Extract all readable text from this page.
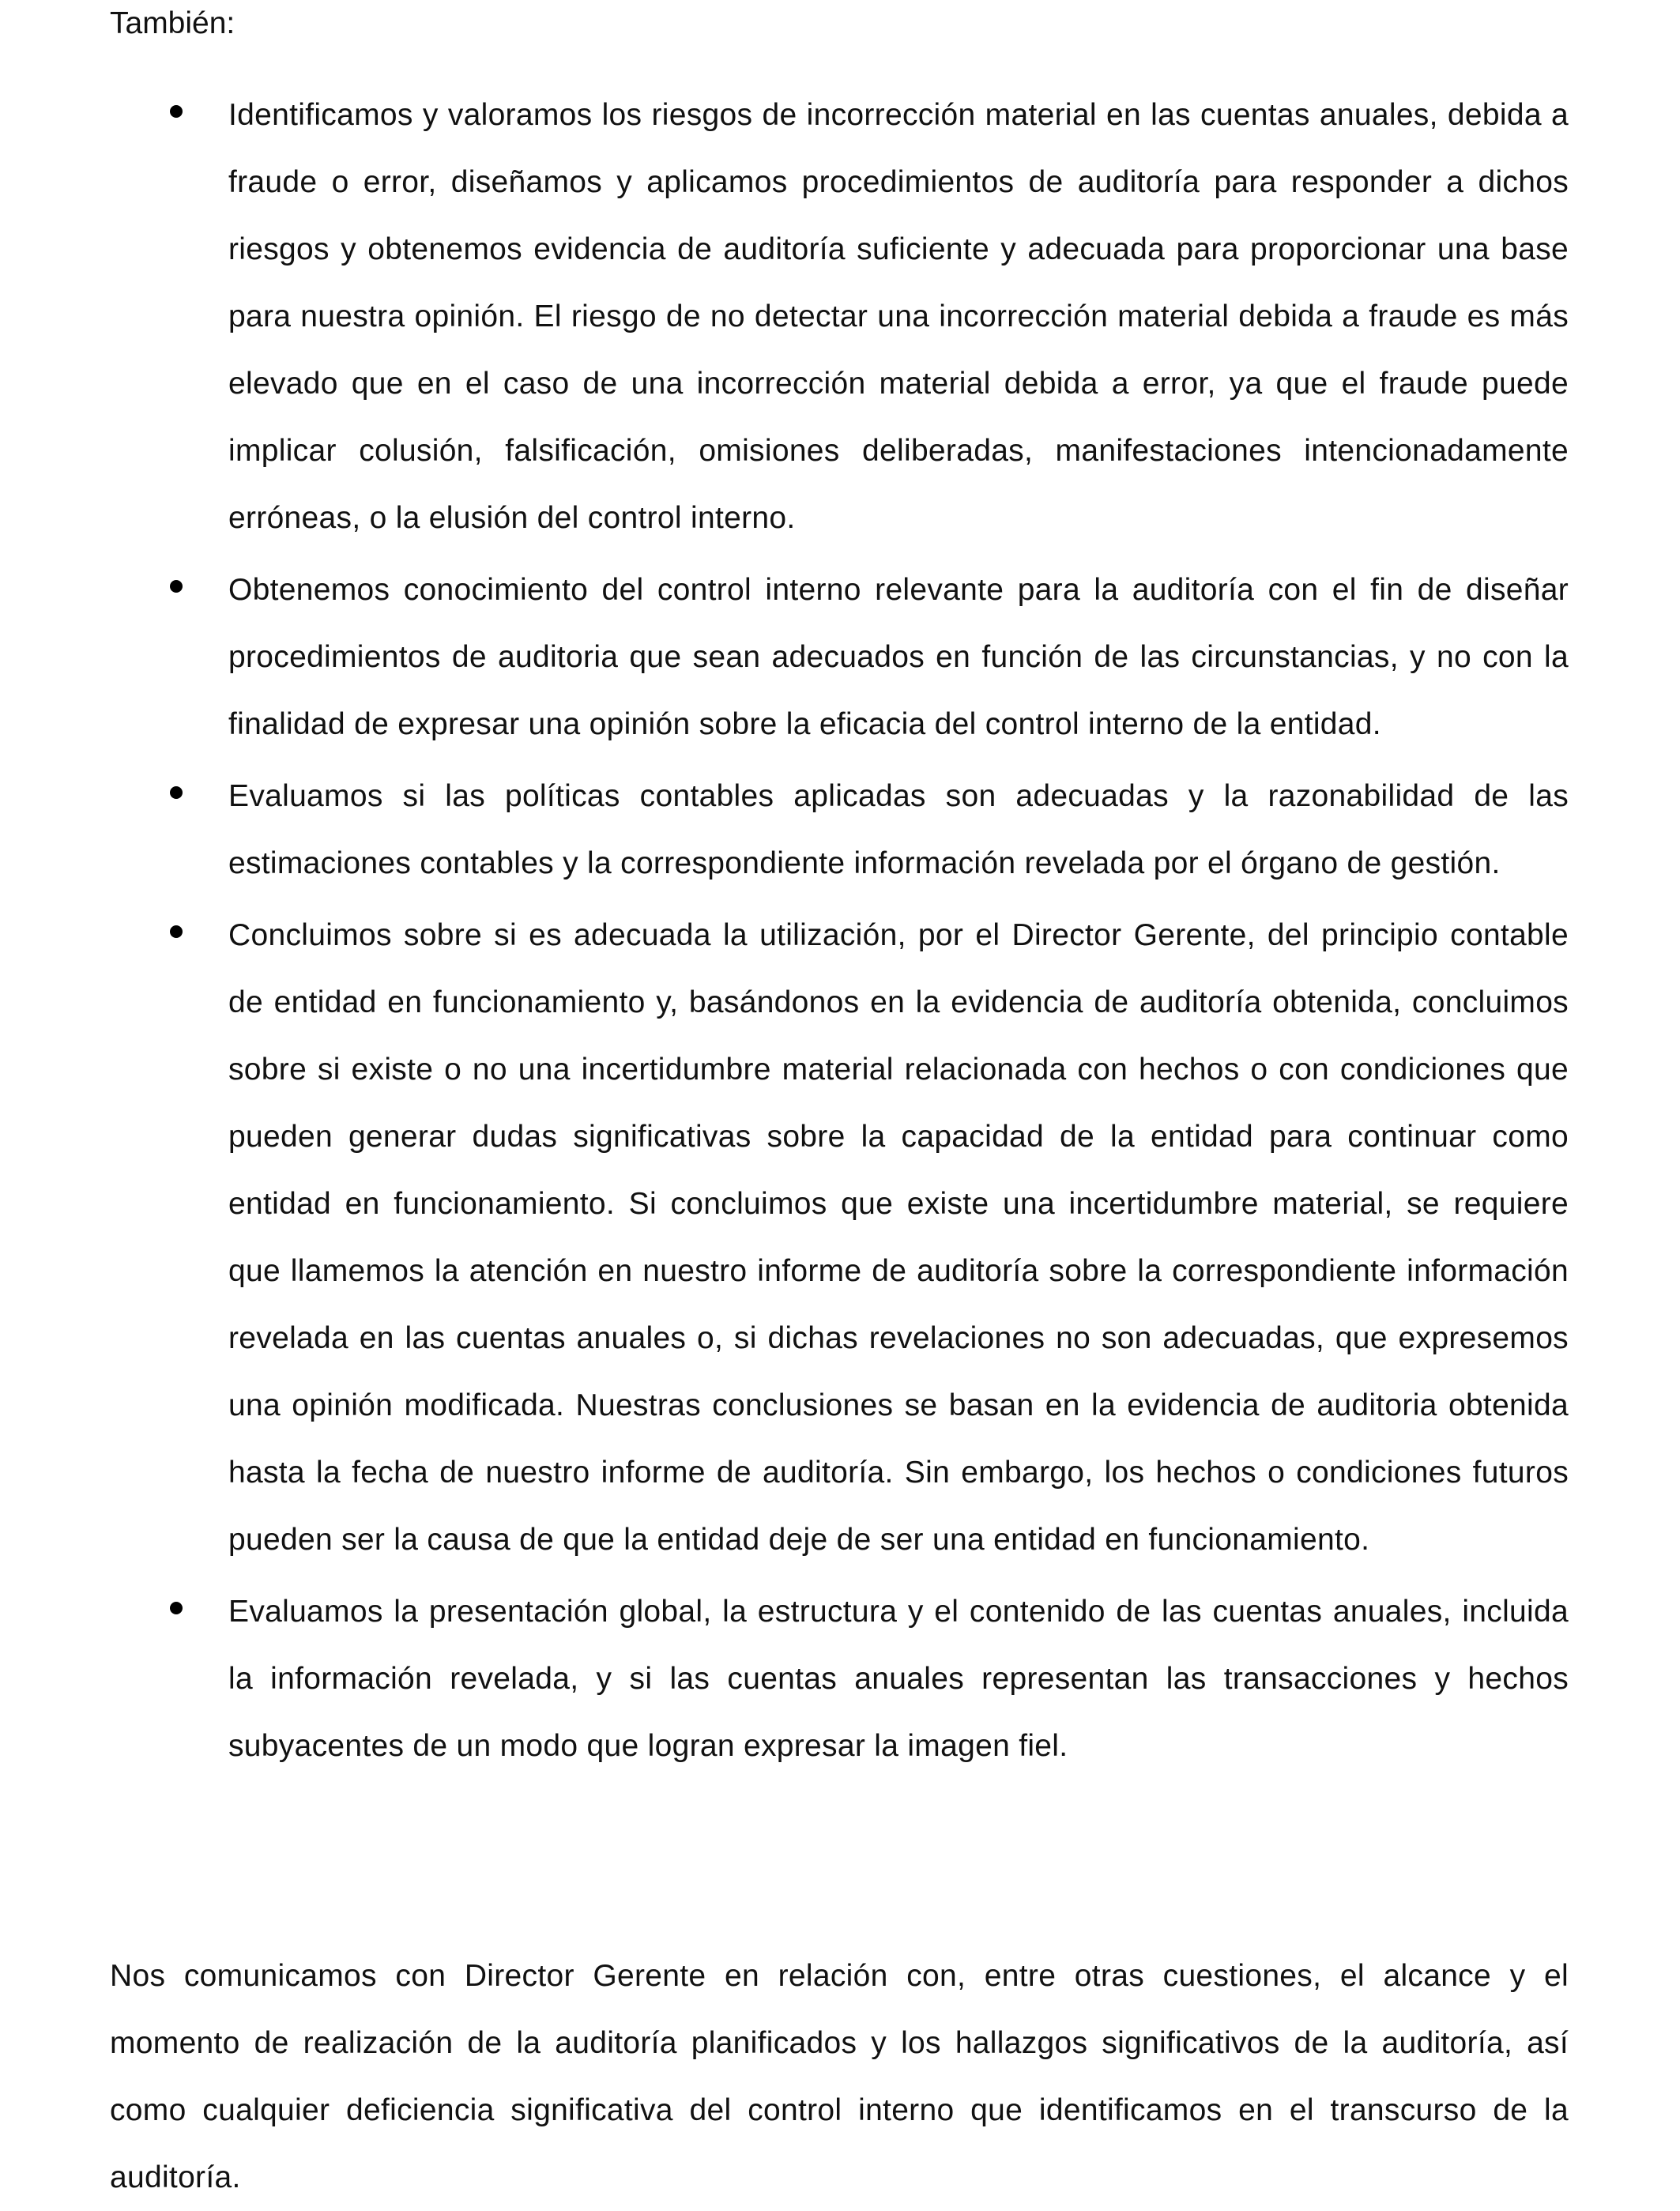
También:

Identificamos y valoramos los riesgos de incorrección material en las cuentas anuales, debida a fraude o error, diseñamos y aplicamos procedimientos de auditoría para responder a dichos riesgos y obtenemos evidencia de auditoría suficiente y adecuada para proporcionar una base para nuestra opinión. El riesgo de no detectar una incorrección material debida a fraude es más elevado que en el caso de una incorrección material debida a error, ya que el fraude puede implicar colusión, falsificación, omisiones deliberadas, manifestaciones intencionadamente erróneas, o la elusión del control interno.

Obtenemos conocimiento del control interno relevante para la auditoría con el fin de diseñar procedimientos de auditoria que sean adecuados en función de las circunstancias, y no con la finalidad de expresar una opinión sobre la eficacia del control interno de la entidad.

Evaluamos si las políticas contables aplicadas son adecuadas y la razonabilidad de las estimaciones contables y la correspondiente información revelada por el órgano de gestión.

Concluimos sobre si es adecuada la utilización, por el Director Gerente, del principio contable de entidad en funcionamiento y, basándonos en la evidencia de auditoría obtenida, concluimos sobre si existe o no una incertidumbre material relacionada con hechos o con condiciones que pueden generar dudas significativas sobre la capacidad de la entidad para continuar como entidad en funcionamiento. Si concluimos que existe una incertidumbre material, se requiere que llamemos la atención en nuestro informe de auditoría sobre la correspondiente información revelada en las cuentas anuales o, si dichas revelaciones no son adecuadas, que expresemos una opinión modificada. Nuestras conclusiones se basan en la evidencia de auditoria obtenida hasta la fecha de nuestro informe de auditoría. Sin embargo, los hechos o condiciones futuros pueden ser la causa de que la entidad deje de ser una entidad en funcionamiento.

Evaluamos la presentación global, la estructura y el contenido de las cuentas anuales, incluida la información revelada, y si las cuentas anuales representan las transacciones y hechos subyacentes de un modo que logran expresar la imagen fiel.

Nos comunicamos con Director Gerente en relación con, entre otras cuestiones, el alcance y el momento de realización de la auditoría planificados y los hallazgos significativos de la auditoría, así como cualquier deficiencia significativa del control interno que identificamos en el transcurso de la auditoría.
